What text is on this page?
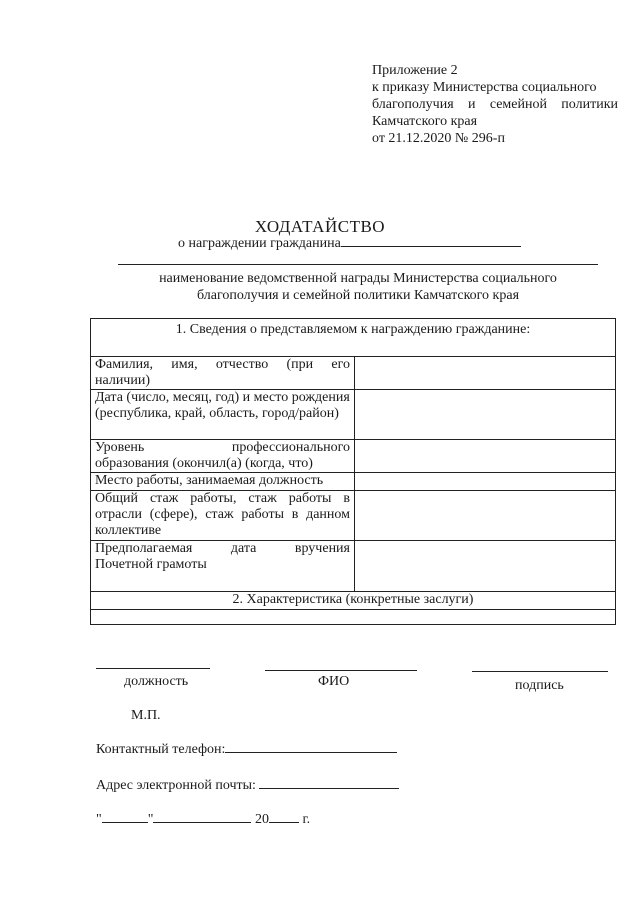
Приложение 2
к приказу Министерства социального
благополучия и семейной политики
Камчатского края
от 21.12.2020 № 296-п
ХОДАТАЙСТВО
о награждении гражданина
наименование ведомственной награды Министерства социального
благополучия и семейной политики Камчатского края
1. Сведения о представляемом к награждению гражданине:	

Фамилия, имя, отчество (при его
наличии)	

Дата (число, месяц, год) и место рождения (республика, край, область, город/район)	

Уровень профессионального
образования (окончил(а) (когда, что)	

Место работы, занимаемая должность	
Общий стаж работы, стаж работы в отрасли (сфере), стаж работы в данном коллективе	

Предполагаемая дата вручения
Почетной грамоты	

2. Характеристика (конкретные заслуги)	

должность	ФИО	подпись
М.П.
Контактный телефон:
Адрес электронной почты:
"	"	20 г.
